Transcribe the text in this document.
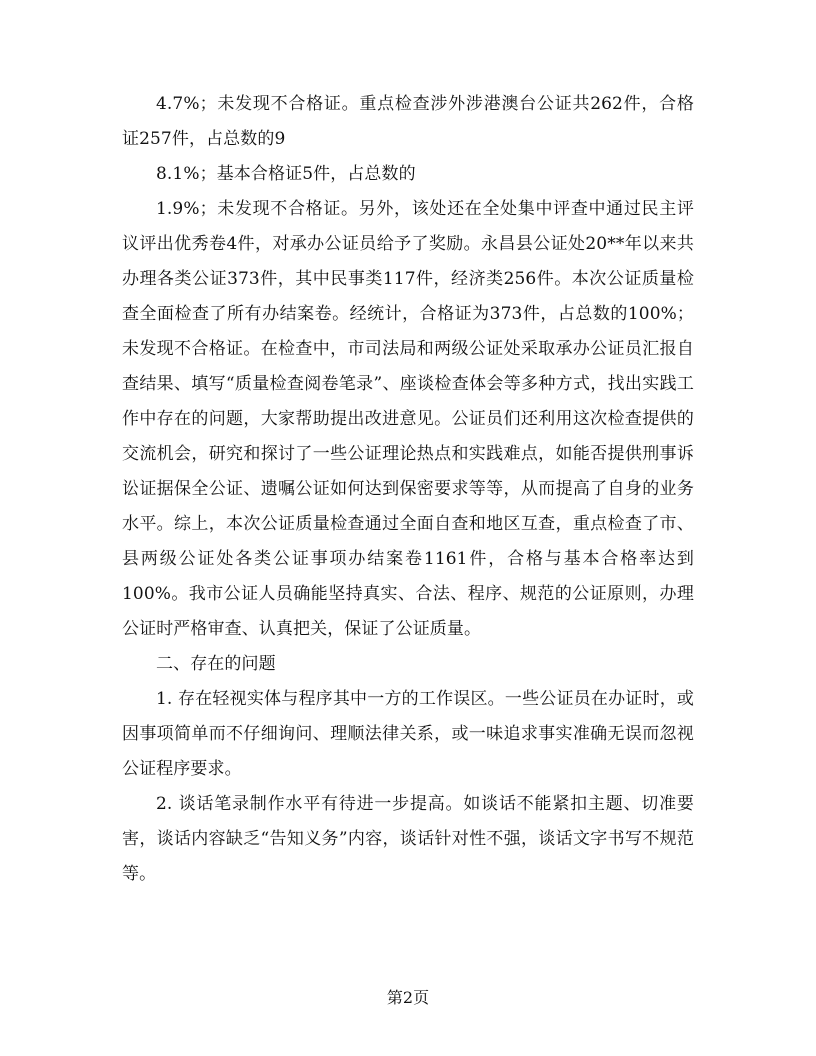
4.7%；未发现不合格证。重点检查涉外涉港澳台公证共262件，合格证257件，占总数的9

8.1%；基本合格证5件，占总数的

1.9%；未发现不合格证。另外，该处还在全处集中评查中通过民主评议评出优秀卷4件，对承办公证员给予了奖励。永昌县公证处20**年以来共办理各类公证373件，其中民事类117件，经济类256件。本次公证质量检查全面检查了所有办结案卷。经统计，合格证为373件，占总数的100%；未发现不合格证。在检查中，市司法局和两级公证处采取承办公证员汇报自查结果、填写“质量检查阅卷笔录”、座谈检查体会等多种方式，找出实践工作中存在的问题，大家帮助提出改进意见。公证员们还利用这次检查提供的交流机会，研究和探讨了一些公证理论热点和实践难点，如能否提供刑事诉讼证据保全公证、遗嘱公证如何达到保密要求等等，从而提高了自身的业务水平。综上，本次公证质量检查通过全面自查和地区互查，重点检查了市、县两级公证处各类公证事项办结案卷1161件，合格与基本合格率达到100%。我市公证人员确能坚持真实、合法、程序、规范的公证原则，办理公证时严格审查、认真把关，保证了公证质量。

二、存在的问题

1. 存在轻视实体与程序其中一方的工作误区。一些公证员在办证时，或因事项简单而不仔细询问、理顺法律关系，或一味追求事实准确无误而忽视公证程序要求。

2. 谈话笔录制作水平有待进一步提高。如谈话不能紧扣主题、切准要害，谈话内容缺乏“告知义务”内容，谈话针对性不强，谈话文字书写不规范等。

第2页
